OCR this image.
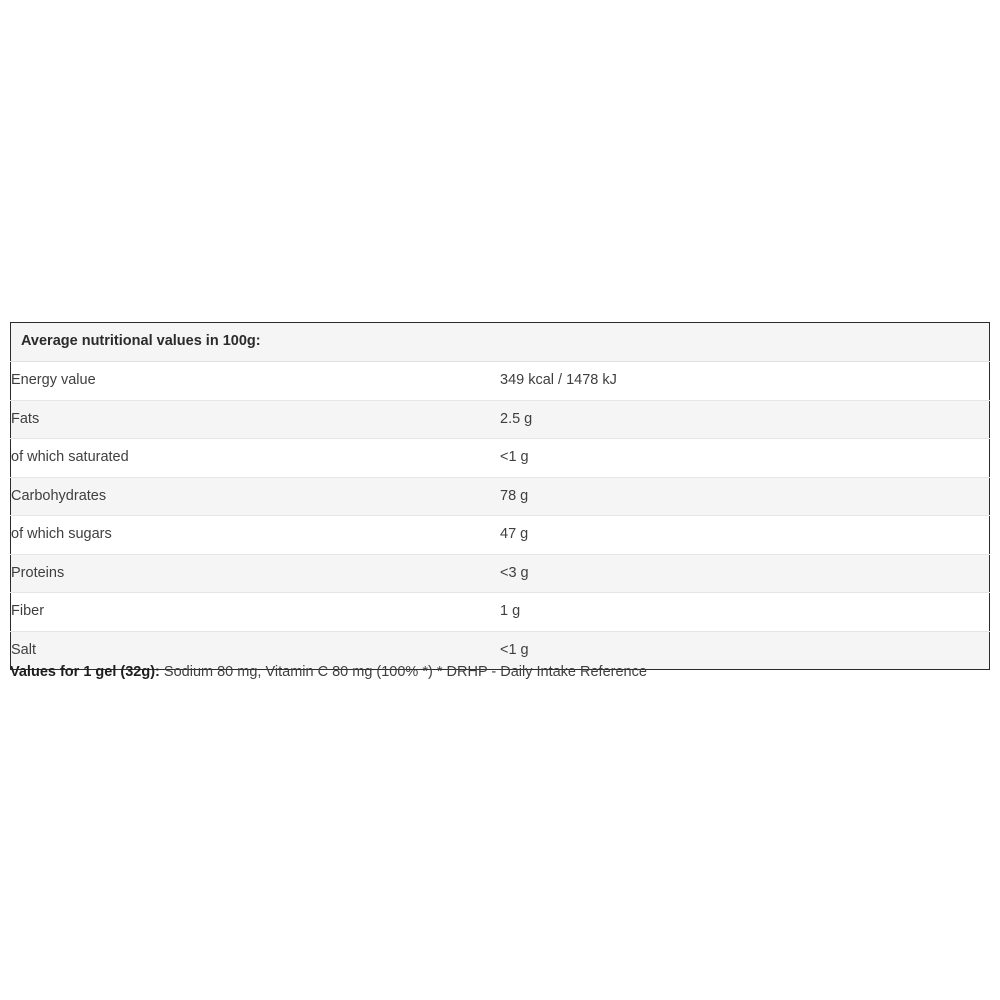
Average nutritional values in 100g:	
Energy value	349 kcal / 1478 kJ
Fats	2.5 g
of which saturated	<1 g
Carbohydrates	78 g
of which sugars	47 g
Proteins	<3 g
Fiber	1 g
Salt	<1 g
Values for 1 gel (32g): Sodium 80 mg, Vitamin C 80 mg (100% *) * DRHP - Daily Intake Reference
